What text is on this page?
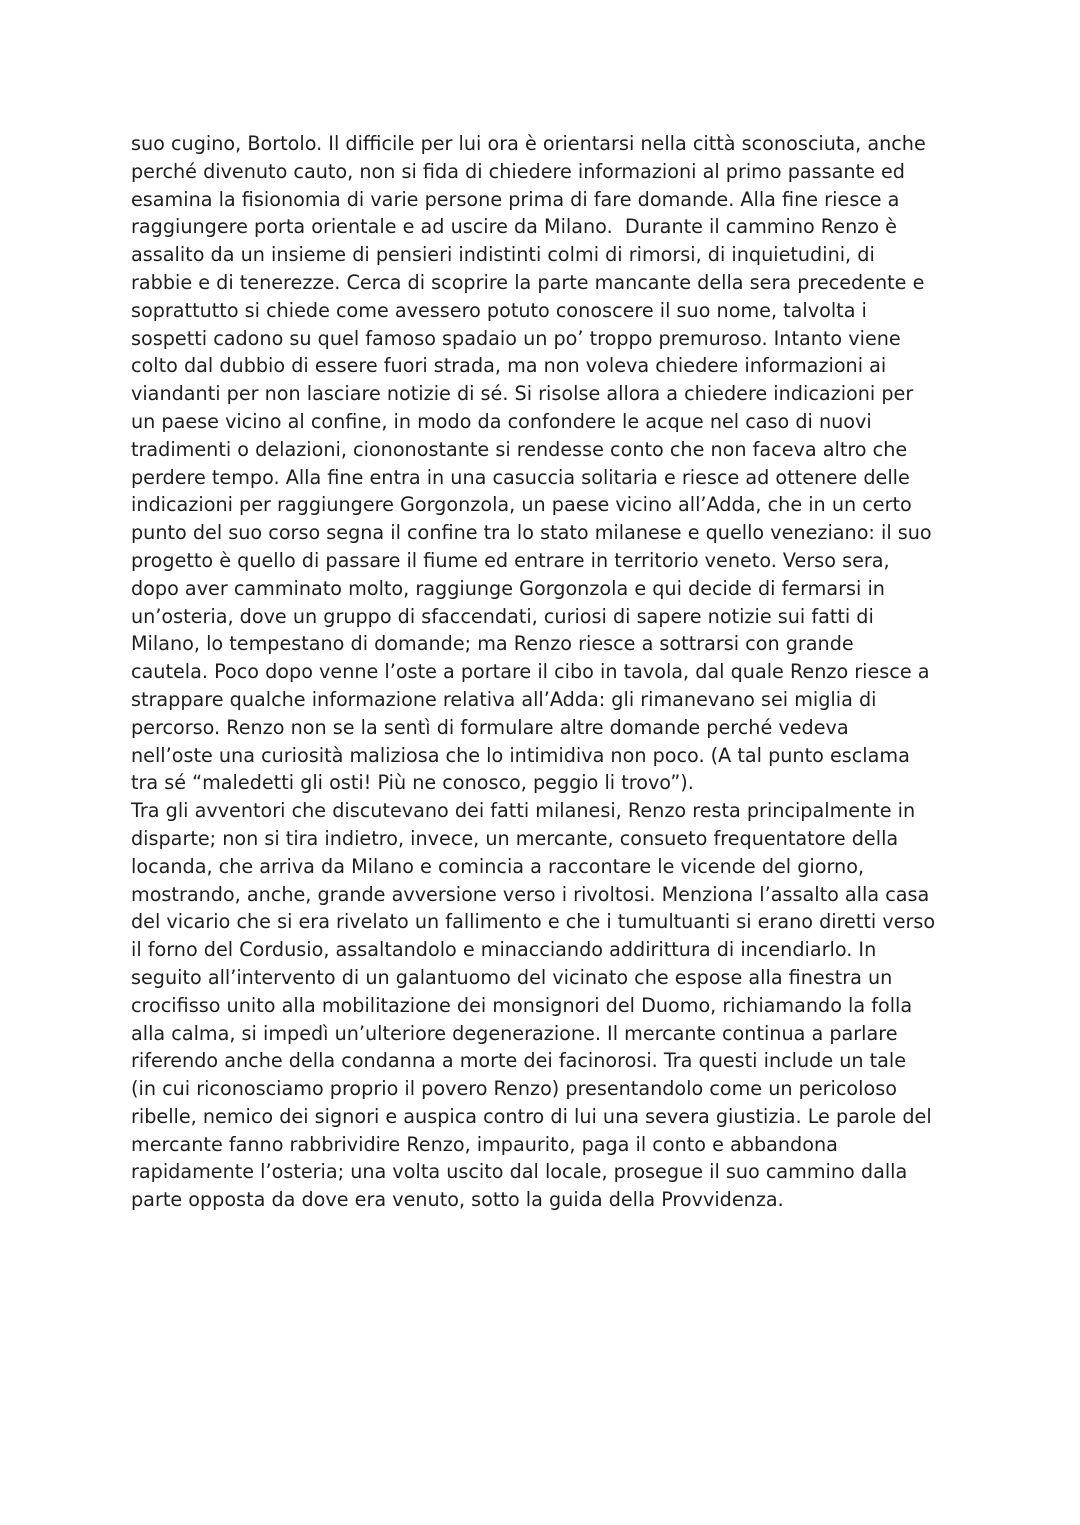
suo cugino, Bortolo. Il difficile per lui ora è orientarsi nella città sconosciuta, anche
perché divenuto cauto, non si fida di chiedere informazioni al primo passante ed
esamina la fisionomia di varie persone prima di fare domande. Alla fine riesce a
raggiungere porta orientale e ad uscire da Milano.  Durante il cammino Renzo è
assalito da un insieme di pensieri indistinti colmi di rimorsi, di inquietudini, di
rabbie e di tenerezze. Cerca di scoprire la parte mancante della sera precedente e
soprattutto si chiede come avessero potuto conoscere il suo nome, talvolta i
sospetti cadono su quel famoso spadaio un po’ troppo premuroso. Intanto viene
colto dal dubbio di essere fuori strada, ma non voleva chiedere informazioni ai
viandanti per non lasciare notizie di sé. Si risolse allora a chiedere indicazioni per
un paese vicino al confine, in modo da confondere le acque nel caso di nuovi
tradimenti o delazioni, ciononostante si rendesse conto che non faceva altro che
perdere tempo. Alla fine entra in una casuccia solitaria e riesce ad ottenere delle
indicazioni per raggiungere Gorgonzola, un paese vicino all’Adda, che in un certo
punto del suo corso segna il confine tra lo stato milanese e quello veneziano: il suo
progetto è quello di passare il fiume ed entrare in territorio veneto. Verso sera,
dopo aver camminato molto, raggiunge Gorgonzola e qui decide di fermarsi in
un’osteria, dove un gruppo di sfaccendati, curiosi di sapere notizie sui fatti di
Milano, lo tempestano di domande; ma Renzo riesce a sottrarsi con grande
cautela. Poco dopo venne l’oste a portare il cibo in tavola, dal quale Renzo riesce a
strappare qualche informazione relativa all’Adda: gli rimanevano sei miglia di
percorso. Renzo non se la sentì di formulare altre domande perché vedeva
nell’oste una curiosità maliziosa che lo intimidiva non poco. (A tal punto esclama
tra sé “maledetti gli osti! Più ne conosco, peggio li trovo”).
Tra gli avventori che discutevano dei fatti milanesi, Renzo resta principalmente in
disparte; non si tira indietro, invece, un mercante, consueto frequentatore della
locanda, che arriva da Milano e comincia a raccontare le vicende del giorno,
mostrando, anche, grande avversione verso i rivoltosi. Menziona l’assalto alla casa
del vicario che si era rivelato un fallimento e che i tumultuanti si erano diretti verso
il forno del Cordusio, assaltandolo e minacciando addirittura di incendiarlo. In
seguito all’intervento di un galantuomo del vicinato che espose alla finestra un
crocifisso unito alla mobilitazione dei monsignori del Duomo, richiamando la folla
alla calma, si impedì un’ulteriore degenerazione. Il mercante continua a parlare
riferendo anche della condanna a morte dei facinorosi. Tra questi include un tale
(in cui riconosciamo proprio il povero Renzo) presentandolo come un pericoloso
ribelle, nemico dei signori e auspica contro di lui una severa giustizia. Le parole del
mercante fanno rabbrividire Renzo, impaurito, paga il conto e abbandona
rapidamente l’osteria; una volta uscito dal locale, prosegue il suo cammino dalla
parte opposta da dove era venuto, sotto la guida della Provvidenza.
